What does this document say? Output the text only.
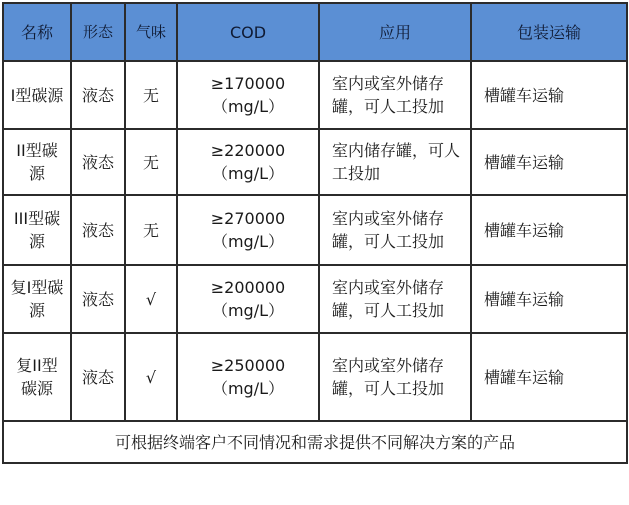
名称	形态	气味	COD	应用	包装运输
I型碳源	液态	无	≥170000（mg/L）	室内或室外储存罐，可人工投加	槽罐车运输
II型碳源	液态	无	≥220000（mg/L）	室内储存罐，可人工投加	槽罐车运输
III型碳源	液态	无	≥270000（mg/L）	室内或室外储存罐，可人工投加	槽罐车运输
复I型碳源	液态	√	≥200000（mg/L）	室内或室外储存罐，可人工投加	槽罐车运输
复II型碳源	液态	√	≥250000（mg/L）	室内或室外储存罐，可人工投加	槽罐车运输
可根据终端客户不同情况和需求提供不同解决方案的产品					
